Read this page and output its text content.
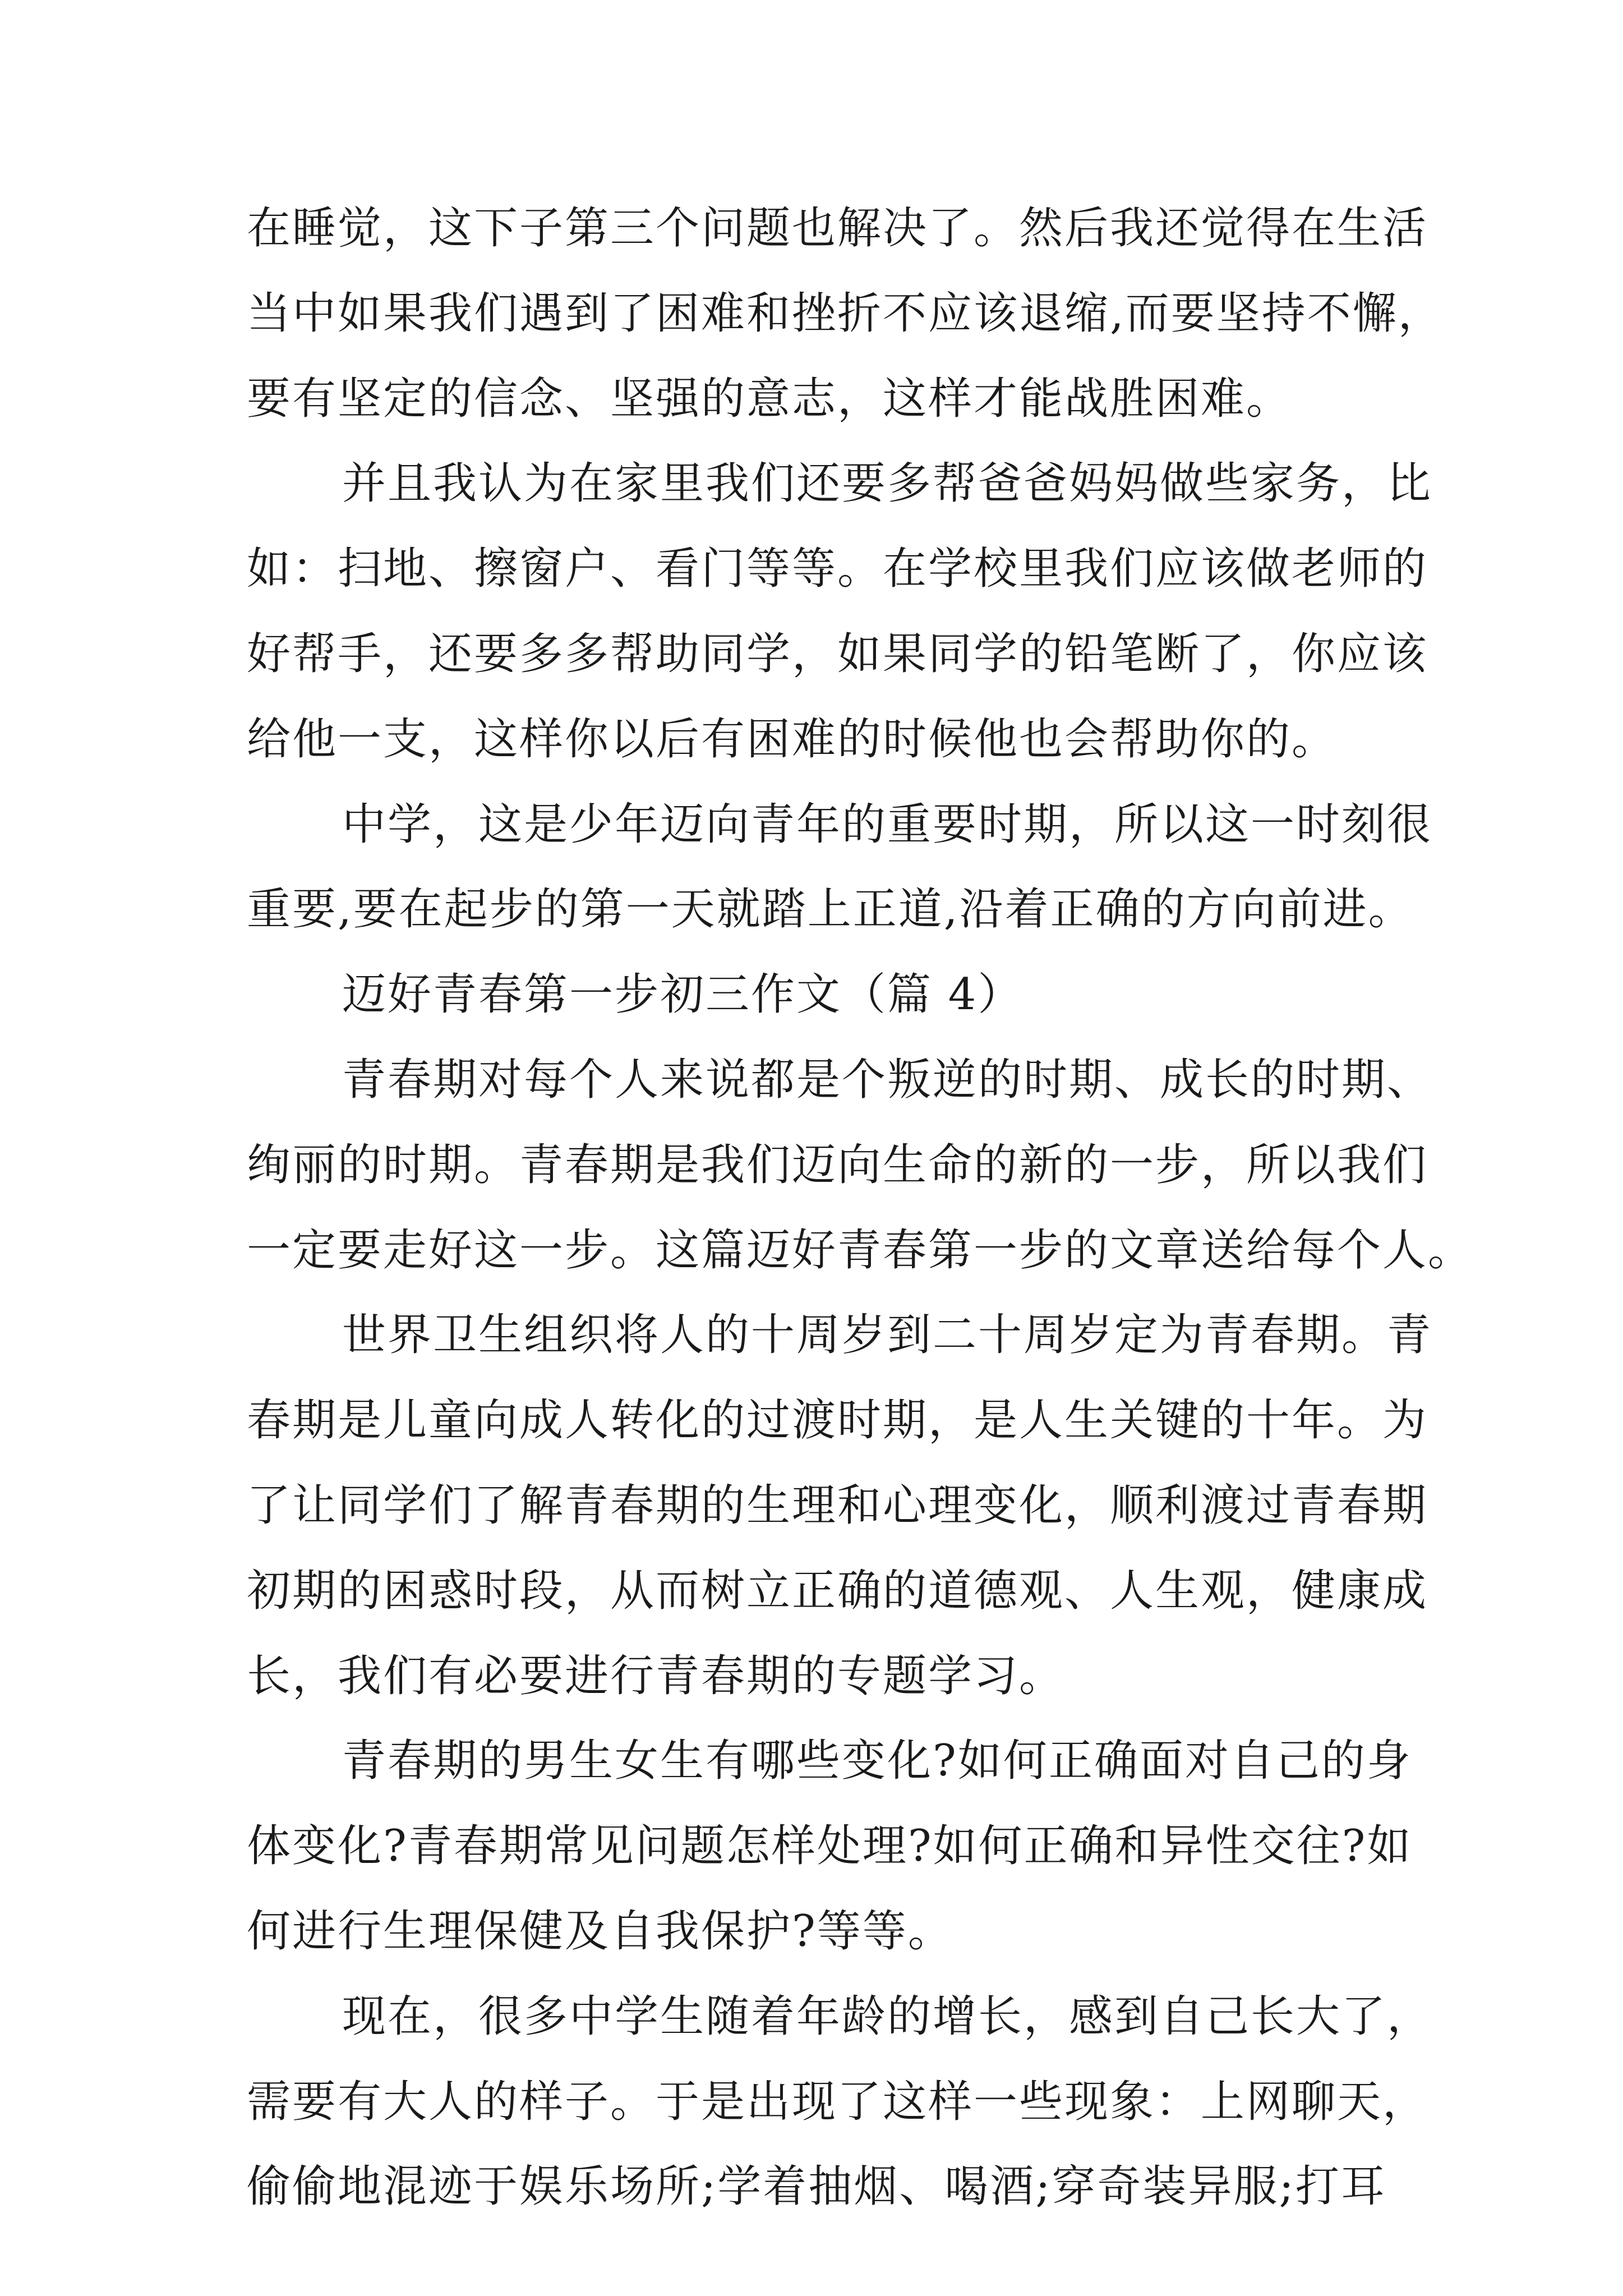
在睡觉，这下子第三个问题也解决了。然后我还觉得在生活
当中如果我们遇到了困难和挫折不应该退缩,而要坚持不懈，
要有坚定的信念、坚强的意志，这样才能战胜困难。
并且我认为在家里我们还要多帮爸爸妈妈做些家务，比
如：扫地、擦窗户、看门等等。在学校里我们应该做老师的
好帮手，还要多多帮助同学，如果同学的铅笔断了，你应该
给他一支，这样你以后有困难的时候他也会帮助你的。
中学，这是少年迈向青年的重要时期，所以这一时刻很
重要,要在起步的第一天就踏上正道,沿着正确的方向前进。
迈好青春第一步初三作文（篇 4）
青春期对每个人来说都是个叛逆的时期、成长的时期、
绚丽的时期。青春期是我们迈向生命的新的一步，所以我们
一定要走好这一步。这篇迈好青春第一步的文章送给每个人。
世界卫生组织将人的十周岁到二十周岁定为青春期。青
春期是儿童向成人转化的过渡时期，是人生关键的十年。为
了让同学们了解青春期的生理和心理变化，顺利渡过青春期
初期的困惑时段，从而树立正确的道德观、人生观，健康成
长，我们有必要进行青春期的专题学习。
青春期的男生女生有哪些变化?如何正确面对自己的身
体变化?青春期常见问题怎样处理?如何正确和异性交往?如
何进行生理保健及自我保护?等等。
现在，很多中学生随着年龄的增长，感到自己长大了，
需要有大人的样子。于是出现了这样一些现象：上网聊天，
偷偷地混迹于娱乐场所;学着抽烟、喝酒;穿奇装异服;打耳
